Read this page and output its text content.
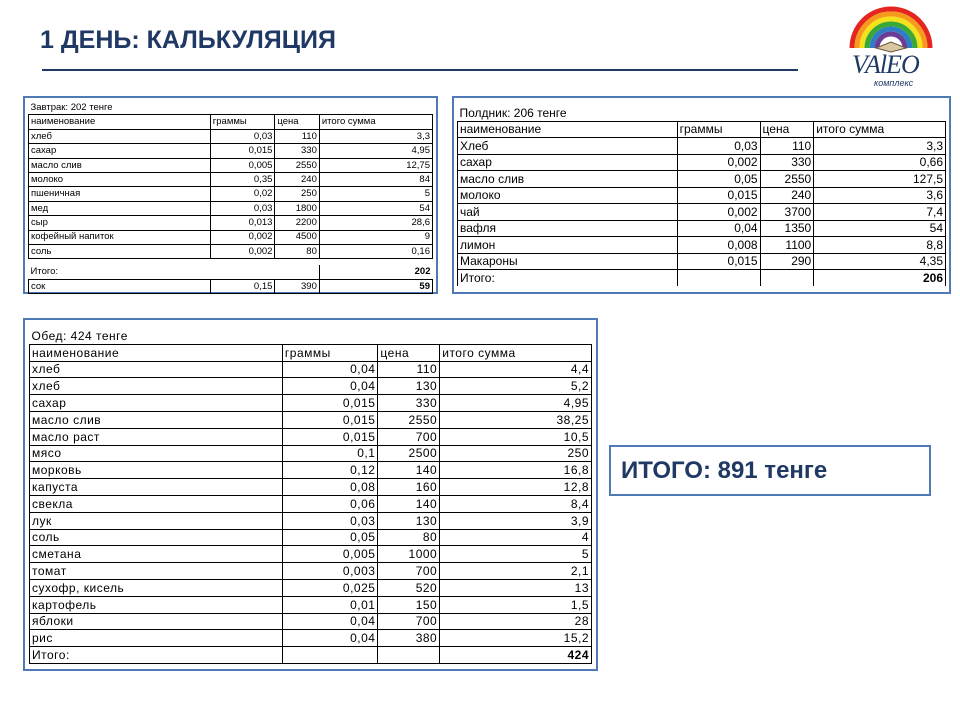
1 ДЕНЬ: КАЛЬКУЛЯЦИЯ
VAlEO
комплекс
Завтрак: 202 тенге			
наименование	граммы	цена	итого сумма
хлеб	0,03	110	3,3
сахар	0,015	330	4,95
масло слив	0,005	2550	12,75
молоко	0,35	240	84
пшеничная	0,02	250	5
мед	0,03	1800	54
сыр	0,013	2200	28,6
кофейный напиток	0,002	4500	9
соль	0,002	80	0,16

Итого:			202
сок	0,15	390	59
Полдник: 206 тенге			
наименование	граммы	цена	итого сумма
Хлеб	0,03	110	3,3
сахар	0,002	330	0,66
масло слив	0,05	2550	127,5
молоко	0,015	240	3,6
чай	0,002	3700	7,4
вафля	0,04	1350	54
лимон	0,008	1100	8,8
Макароны	0,015	290	4,35
Итого:			206
Обед: 424 тенге			
наименование	граммы	цена	итого сумма
хлеб	0,04	110	4,4
хлеб	0,04	130	5,2
сахар	0,015	330	4,95
масло слив	0,015	2550	38,25
масло раст	0,015	700	10,5
мясо	0,1	2500	250
морковь	0,12	140	16,8
капуста	0,08	160	12,8
свекла	0,06	140	8,4
лук	0,03	130	3,9
соль	0,05	80	4
сметана	0,005	1000	5
томат	0,003	700	2,1
сухофр, кисель	0,025	520	13
картофель	0,01	150	1,5
яблоки	0,04	700	28
рис	0,04	380	15,2
Итого:			424
ИТОГО: 891 тенге
